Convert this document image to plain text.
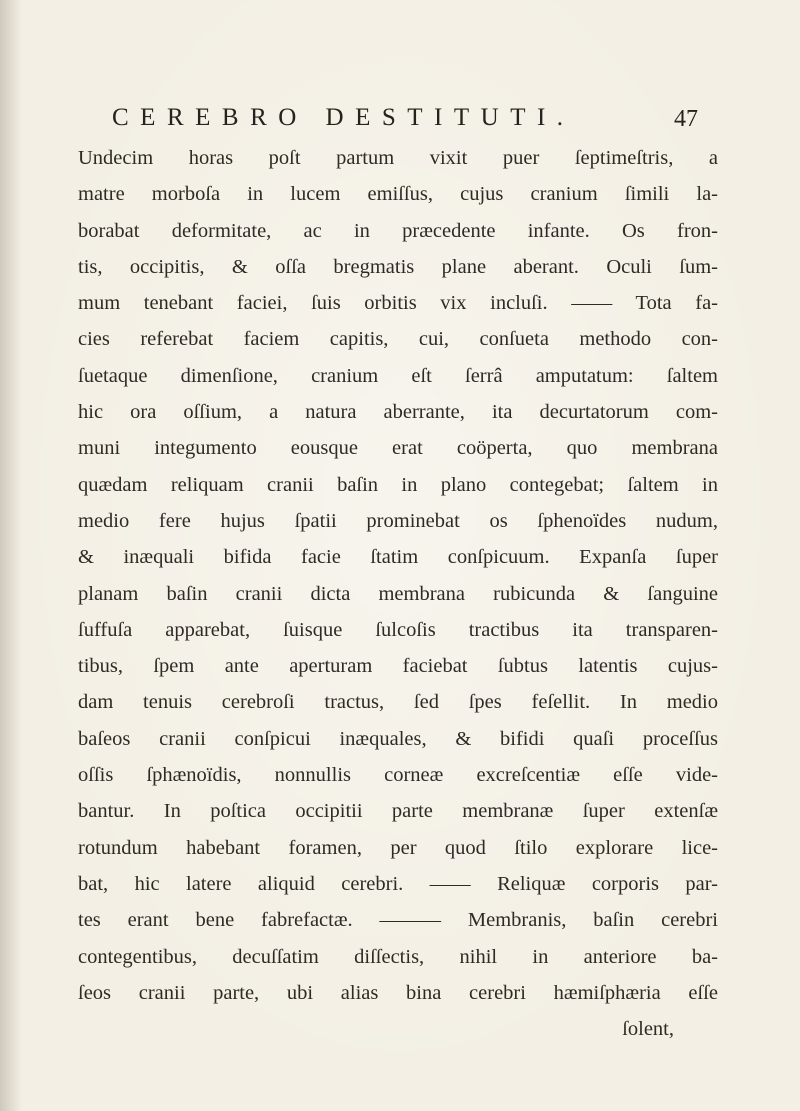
CEREBRO DESTITUTI.	47
Undecim horas poſt partum vixit puer ſeptimeſtris, a
matre morboſa in lucem emiſſus, cujus cranium ſimili la-
borabat deformitate, ac in præcedente infante. Os fron-
tis, occipitis, & oſſa bregmatis plane aberant. Oculi ſum-
mum tenebant faciei, ſuis orbitis vix incluſi. —— Tota fa-
cies referebat faciem capitis, cui, conſueta methodo con-
ſuetaque dimenſione, cranium eſt ſerrâ amputatum: ſaltem
hic ora oſſium, a natura aberrante, ita decurtatorum com-
muni integumento eousque erat coöperta, quo membrana
quædam reliquam cranii baſin in plano contegebat; ſaltem in
medio fere hujus ſpatii prominebat os ſphenoïdes nudum,
& inæquali bifida facie ſtatim conſpicuum. Expanſa ſuper
planam baſin cranii dicta membrana rubicunda & ſanguine
ſuffuſa apparebat, ſuisque ſulcoſis tractibus ita transparen-
tibus, ſpem ante aperturam faciebat ſubtus latentis cujus-
dam tenuis cerebroſi tractus, ſed ſpes feſellit. In medio
baſeos cranii conſpicui inæquales, & bifidi quaſi proceſſus
oſſis ſphænoïdis, nonnullis corneæ excreſcentiæ eſſe vide-
bantur. In poſtica occipitii parte membranæ ſuper extenſæ
rotundum habebant foramen, per quod ſtilo explorare lice-
bat, hic latere aliquid cerebri. —— Reliquæ corporis par-
tes erant bene fabrefactæ. ——— Membranis, baſin cerebri
contegentibus, decuſſatim diſſectis, nihil in anteriore ba-
ſeos cranii parte, ubi alias bina cerebri hæmiſphæria eſſe
ſolent,
